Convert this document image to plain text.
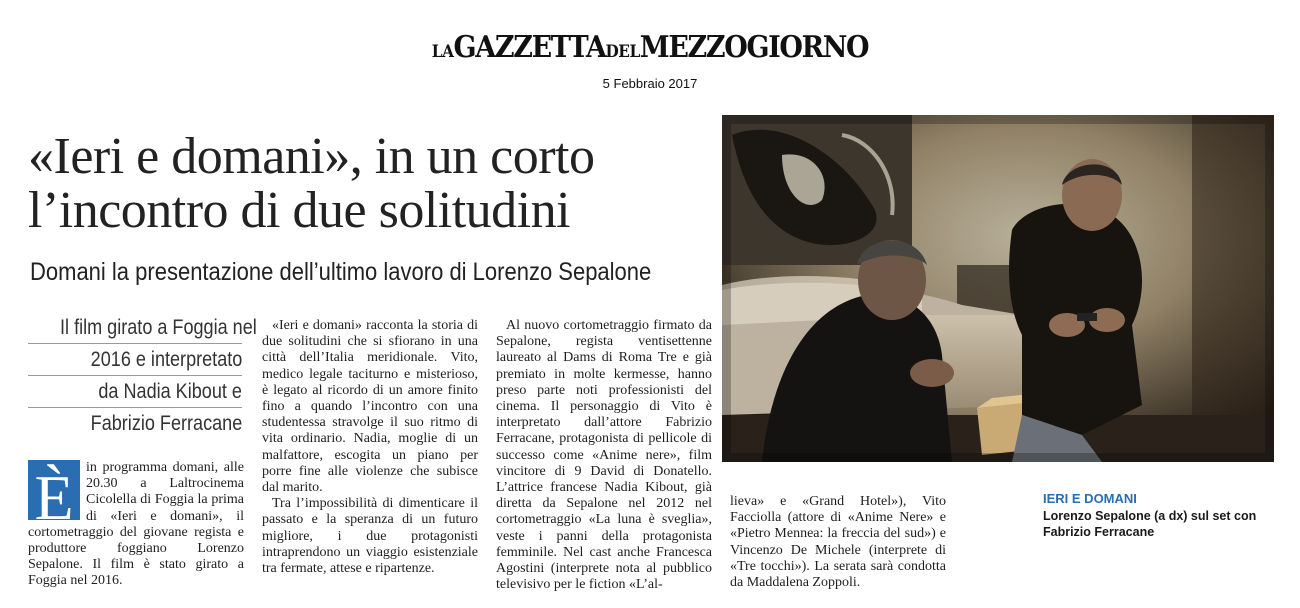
LAGAZZETTADELMEZZOGIORNO
5 Febbraio 2017
«Ieri e domani», in un corto
l’incontro di due solitudini
Domani la presentazione dell’ultimo lavoro di Lorenzo Sepalone
Il film girato a Foggia nel
2016 e interpretato
da Nadia Kibout e
Fabrizio Ferracane
È in programma domani, alle 20.30 a Laltrocinema Cicolella di Foggia la prima di «Ieri e domani», il cortometraggio del giovane regista e produttore foggiano Lorenzo Sepalone. Il film è stato girato a Foggia nel 2016.

«Ieri e domani» racconta la storia di due solitudini che si sfiorano in una città dell’Italia meridionale. Vito, medico legale taciturno e misterioso, è legato al ricordo di un amore finito fino a quando l’incontro con una studentessa stravolge il suo ritmo di vita ordinario. Nadia, moglie di un malfattore, escogita un piano per porre fine alle violenze che subisce dal marito.

Tra l’impossibilità di dimenticare il passato e la speranza di un futuro migliore, i due protagonisti intraprendono un viaggio esistenziale tra fermate, attese e ripartenze.

Al nuovo cortometraggio firmato da Sepalone, regista ventisettenne laureato al Dams di Roma Tre e già premiato in molte kermesse, hanno preso parte noti professionisti del cinema. Il personaggio di Vito è interpretato dall’attore Fabrizio Ferracane, protagonista di pellicole di successo come «Anime nere», film vincitore di 9 David di Donatello. L’attrice francese Nadia Kibout, già diretta da Sepalone nel 2012 nel cortometraggio «La luna è sveglia», veste i panni della protagonista femminile. Nel cast anche Francesca Agostini (interprete nota al pubblico televisivo per le fiction «L’al-

lieva» e «Grand Hotel»), Vito Facciolla (attore di «Anime Nere» e «Pietro Mennea: la freccia del sud») e Vincenzo De Michele (interprete di «Tre tocchi»). La serata sarà condotta da Maddalena Zoppoli.

IERI E DOMANI
Lorenzo Sepalone (a dx) sul set con Fabrizio Ferracane
